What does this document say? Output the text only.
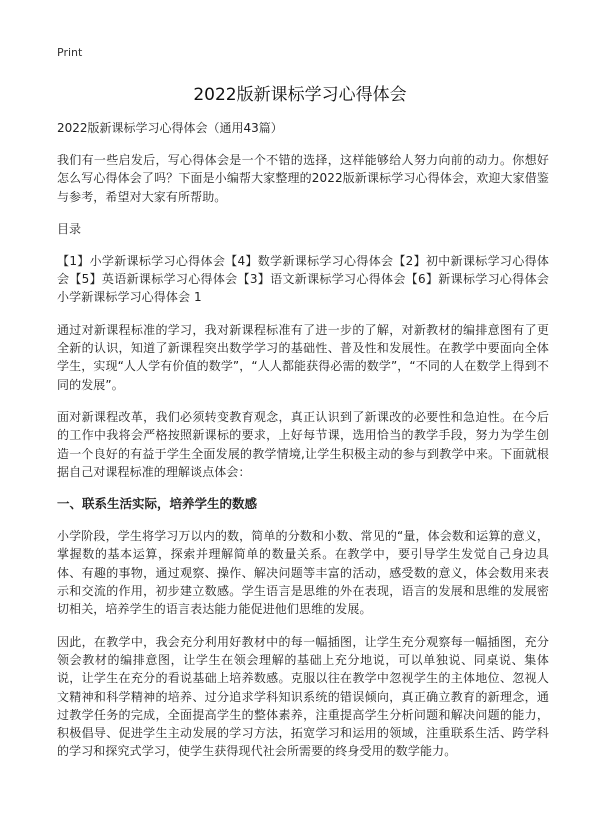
Print
2022版新课标学习心得体会

2022版新课标学习心得体会（通用43篇）

我们有一些启发后，写心得体会是一个不错的选择，这样能够给人努力向前的动力。你想好怎么写心得体会了吗？下面是小编帮大家整理的2022版新课标学习心得体会，欢迎大家借鉴与参考，希望对大家有所帮助。

目录

【1】小学新课标学习心得体会【4】数学新课标学习心得体会【2】初中新课标学习心得体会【5】英语新课标学习心得体会【3】语文新课标学习心得体会【6】新课标学习心得体会小学新课标学习心得体会 1

通过对新课程标准的学习，我对新课程标准有了进一步的了解，对新教材的编排意图有了更全新的认识，知道了新课程突出数学学习的基础性、普及性和发展性。在教学中要面向全体学生，实现“人人学有价值的数学”，“人人都能获得必需的数学”，“不同的人在数学上得到不同的发展”。

面对新课程改革，我们必须转变教育观念，真正认识到了新课改的必要性和急迫性。在今后的工作中我将会严格按照新课标的要求，上好每节课，选用恰当的教学手段，努力为学生创造一个良好的有益于学生全面发展的教学情境,让学生积极主动的参与到教学中来。下面就根据自己对课程标准的理解谈点体会：

一、联系生活实际，培养学生的数感

小学阶段，学生将学习万以内的数，简单的分数和小数、常见的“量，体会数和运算的意义，掌握数的基本运算，探索并理解简单的数量关系。在教学中，要引导学生发觉自己身边具体、有趣的事物，通过观察、操作、解决问题等丰富的活动，感受数的意义，体会数用来表示和交流的作用，初步建立数感。学生语言是思维的外在表现，语言的发展和思维的发展密切相关，培养学生的语言表达能力能促进他们思维的发展。

因此，在教学中，我会充分利用好教材中的每一幅插图，让学生充分观察每一幅插图，充分领会教材的编排意图，让学生在领会理解的基础上充分地说，可以单独说、同桌说、集体说，让学生在充分的看说基础上培养数感。克服以往在教学中忽视学生的主体地位、忽视人文精神和科学精神的培养、过分追求学科知识系统的错误倾向，真正确立教育的新理念，通过教学任务的完成，全面提高学生的整体素养，注重提高学生分析问题和解决问题的能力，积极倡导、促进学生主动发展的学习方法，拓宽学习和运用的领域，注重联系生活、跨学科的学习和探究式学习，使学生获得现代社会所需要的终身受用的数学能力。
